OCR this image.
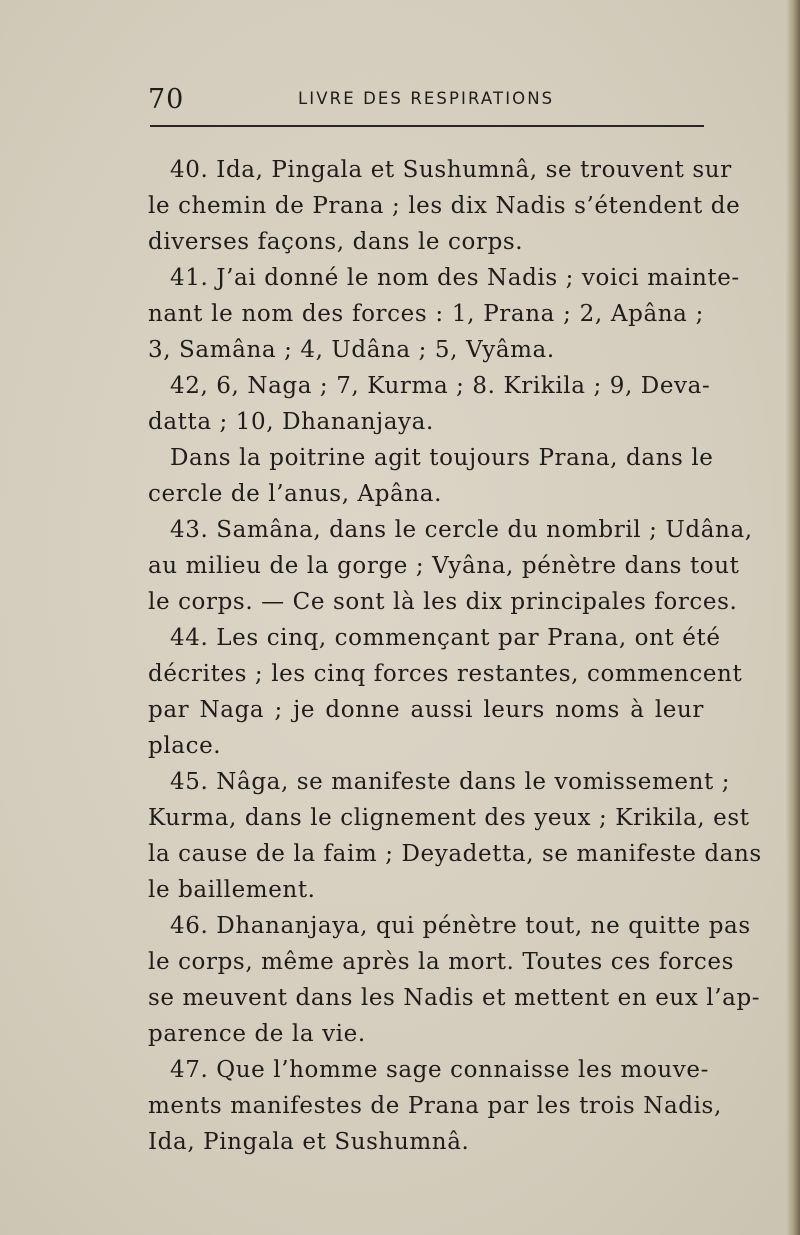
70	LIVRE DES RESPIRATIONS
40. Ida, Pingala et Sushumnâ, se trouvent sur
le chemin de Prana ; les dix Nadis s’étendent de
diverses façons, dans le corps.
41. J’ai donné le nom des Nadis ; voici mainte-
nant le nom des forces : 1, Prana ; 2, Apâna ;
3, Samâna ; 4, Udâna ; 5, Vyâma.
42, 6, Naga ; 7, Kurma ; 8. Krikila ; 9, Deva-
datta ; 10, Dhananjaya.
Dans la poitrine agit toujours Prana, dans le
cercle de l’anus, Apâna.
43. Samâna, dans le cercle du nombril ; Udâna,
au milieu de la gorge ; Vyâna, pénètre dans tout
le corps. — Ce sont là les dix principales forces.
44. Les cinq, commençant par Prana, ont été
décrites ; les cinq forces restantes, commencent
par Naga ; je donne aussi leurs noms à leur
place.
45. Nâga, se manifeste dans le vomissement ;
Kurma, dans le clignement des yeux ; Krikila, est
la cause de la faim ; Deyadetta, se manifeste dans
le baillement.
46. Dhananjaya, qui pénètre tout, ne quitte pas
le corps, même après la mort. Toutes ces forces
se meuvent dans les Nadis et mettent en eux l’ap-
parence de la vie.
47. Que l’homme sage connaisse les mouve-
ments manifestes de Prana par les trois Nadis,
Ida, Pingala et Sushumnâ.
